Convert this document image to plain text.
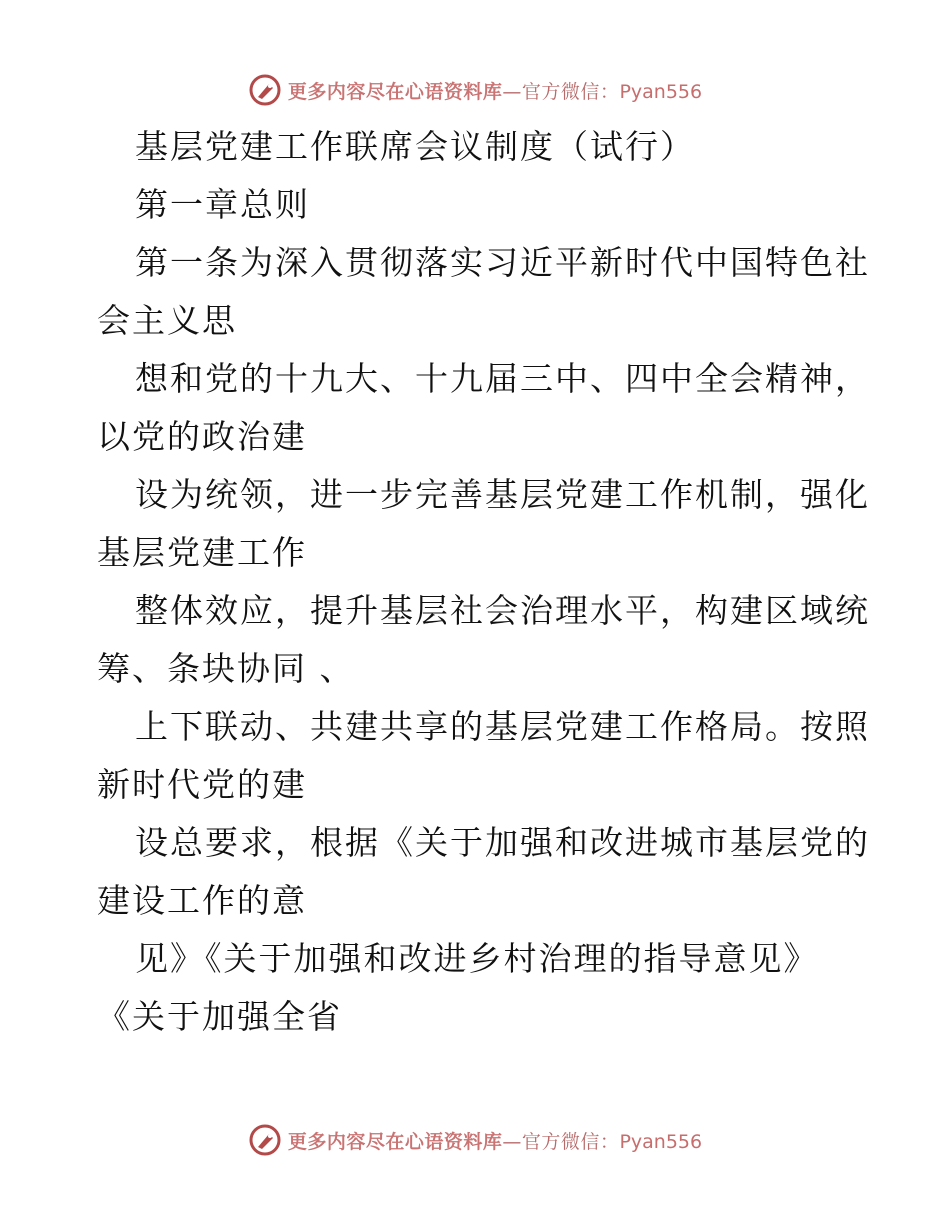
更多内容尽在心语资料库—官方微信：Pyan556
基层党建工作联席会议制度（试行）
第一章总则
第一条为深入贯彻落实习近平新时代中国特色社
会主义思
想和党的十九大、十九届三中、四中全会精神，
以党的政治建
设为统领，进一步完善基层党建工作机制，强化
基层党建工作
整体效应，提升基层社会治理水平，构建区域统
筹、条块协同 、
上下联动、共建共享的基层党建工作格局。按照
新时代党的建
设总要求，根据《关于加强和改进城市基层党的
建设工作的意
见》《关于加强和改进乡村治理的指导意见》
《关于加强全省
更多内容尽在心语资料库—官方微信：Pyan556
